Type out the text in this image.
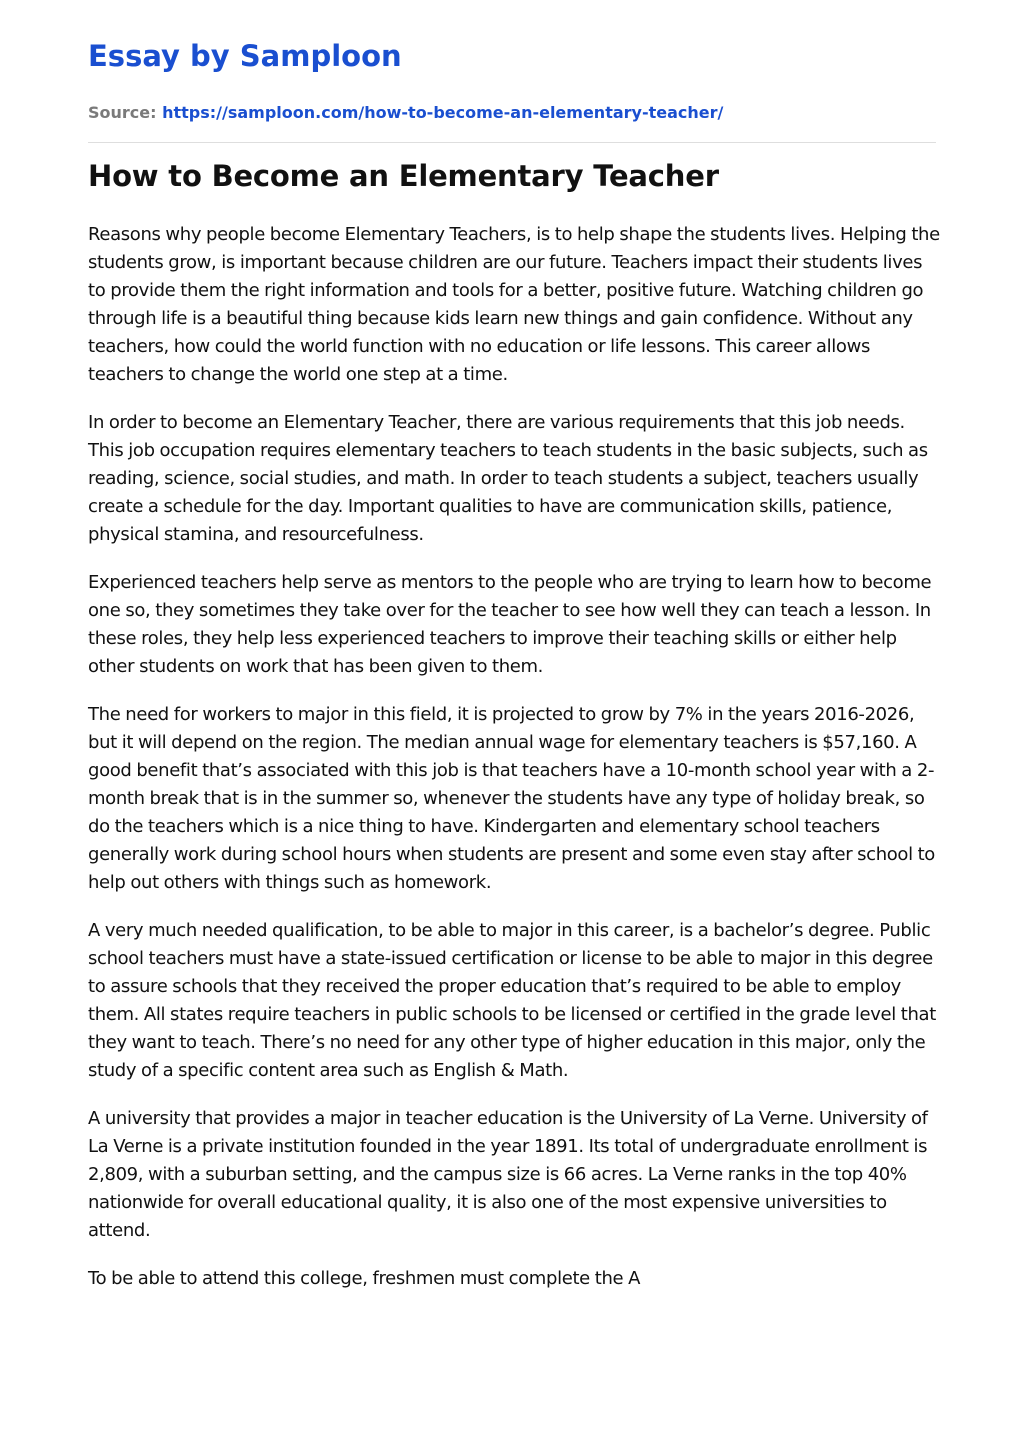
Essay by Samploon

Source: https://samploon.com/how-to-become-an-elementary-teacher/

How to Become an Elementary Teacher

Reasons why people become Elementary Teachers, is to help shape the students lives. Helping the students grow, is important because children are our future. Teachers impact their students lives to provide them the right information and tools for a better, positive future. Watching children go through life is a beautiful thing because kids learn new things and gain confidence. Without any teachers, how could the world function with no education or life lessons. This career allows teachers to change the world one step at a time.

In order to become an Elementary Teacher, there are various requirements that this job needs. This job occupation requires elementary teachers to teach students in the basic subjects, such as reading, science, social studies, and math. In order to teach students a subject, teachers usually create a schedule for the day. Important qualities to have are communication skills, patience, physical stamina, and resourcefulness.

Experienced teachers help serve as mentors to the people who are trying to learn how to become one so, they sometimes they take over for the teacher to see how well they can teach a lesson. In these roles, they help less experienced teachers to improve their teaching skills or either help other students on work that has been given to them.

The need for workers to major in this field, it is projected to grow by 7% in the years 2016-2026, but it will depend on the region. The median annual wage for elementary teachers is $57,160. A good benefit that’s associated with this job is that teachers have a 10-month school year with a 2-month break that is in the summer so, whenever the students have any type of holiday break, so do the teachers which is a nice thing to have. Kindergarten and elementary school teachers generally work during school hours when students are present and some even stay after school to help out others with things such as homework.

A very much needed qualification, to be able to major in this career, is a bachelor’s degree. Public school teachers must have a state-issued certification or license to be able to major in this degree to assure schools that they received the proper education that’s required to be able to employ them. All states require teachers in public schools to be licensed or certified in the grade level that they want to teach. There’s no need for any other type of higher education in this major, only the study of a specific content area such as English & Math.

A university that provides a major in teacher education is the University of La Verne. University of La Verne is a private institution founded in the year 1891. Its total of undergraduate enrollment is 2,809, with a suburban setting, and the campus size is 66 acres. La Verne ranks in the top 40% nationwide for overall educational quality, it is also one of the most expensive universities to attend.

To be able to attend this college, freshmen must complete the A
